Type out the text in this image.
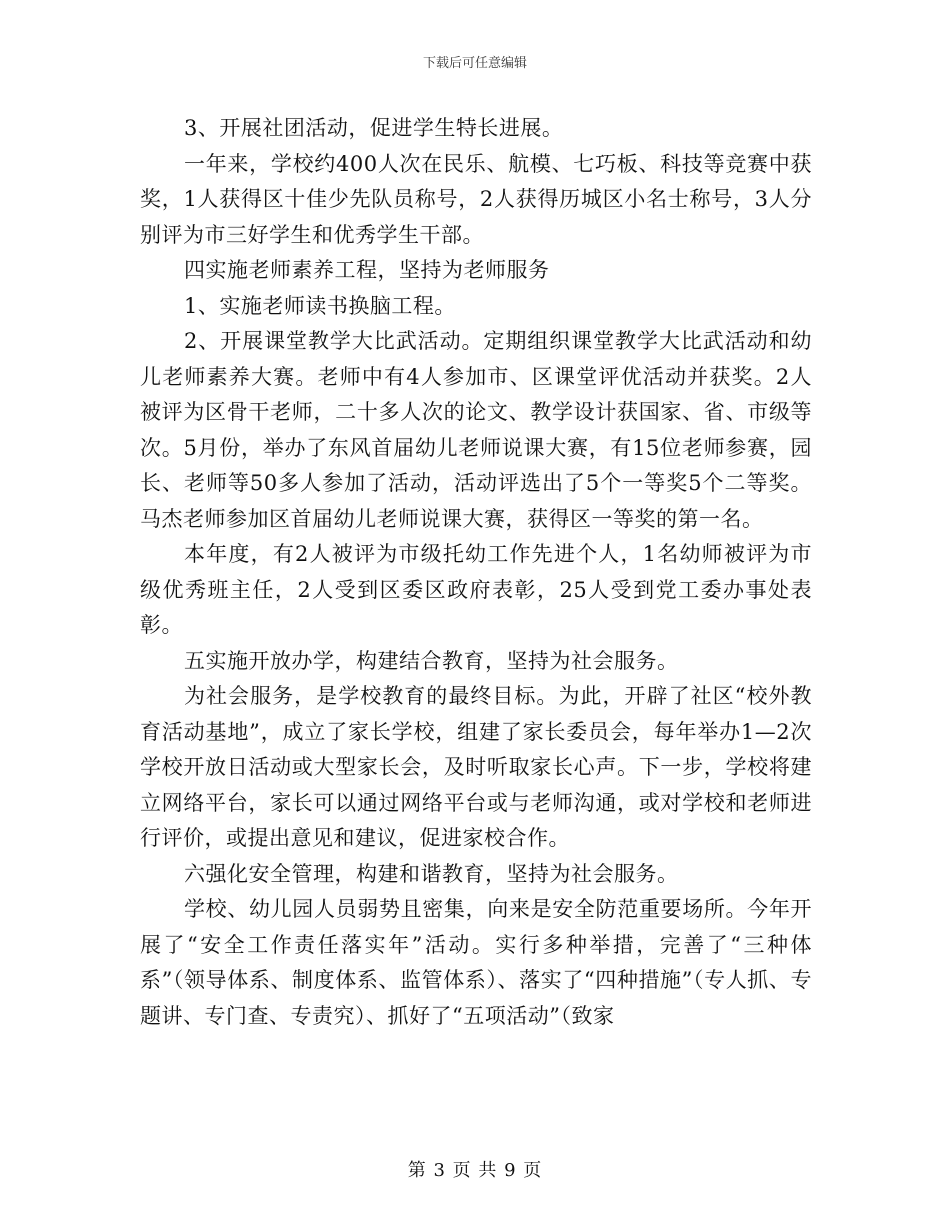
下载后可任意编辑

3、开展社团活动，促进学生特长进展。

一年来，学校约400人次在民乐、航模、七巧板、科技等竞赛中获奖，1人获得区十佳少先队员称号，2人获得历城区小名士称号，3人分别评为市三好学生和优秀学生干部。

四实施老师素养工程，坚持为老师服务

1、实施老师读书换脑工程。

2、开展课堂教学大比武活动。定期组织课堂教学大比武活动和幼儿老师素养大赛。老师中有4人参加市、区课堂评优活动并获奖。2人被评为区骨干老师，二十多人次的论文、教学设计获国家、省、市级等次。5月份，举办了东风首届幼儿老师说课大赛，有15位老师参赛，园长、老师等50多人参加了活动，活动评选出了5个一等奖5个二等奖。马杰老师参加区首届幼儿老师说课大赛，获得区一等奖的第一名。

本年度，有2人被评为市级托幼工作先进个人，1名幼师被评为市级优秀班主任，2人受到区委区政府表彰，25人受到党工委办事处表彰。

五实施开放办学，构建结合教育，坚持为社会服务。

为社会服务，是学校教育的最终目标。为此，开辟了社区“校外教育活动基地”，成立了家长学校，组建了家长委员会，每年举办1—2次学校开放日活动或大型家长会，及时听取家长心声。下一步，学校将建立网络平台，家长可以通过网络平台或与老师沟通，或对学校和老师进行评价，或提出意见和建议，促进家校合作。

六强化安全管理，构建和谐教育，坚持为社会服务。

学校、幼儿园人员弱势且密集，向来是安全防范重要场所。今年开展了“安全工作责任落实年”活动。实行多种举措，完善了“三种体系”（领导体系、制度体系、监管体系）、落实了“四种措施”（专人抓、专题讲、专门查、专责究）、抓好了“五项活动”（致家

第 3 页 共 9 页
